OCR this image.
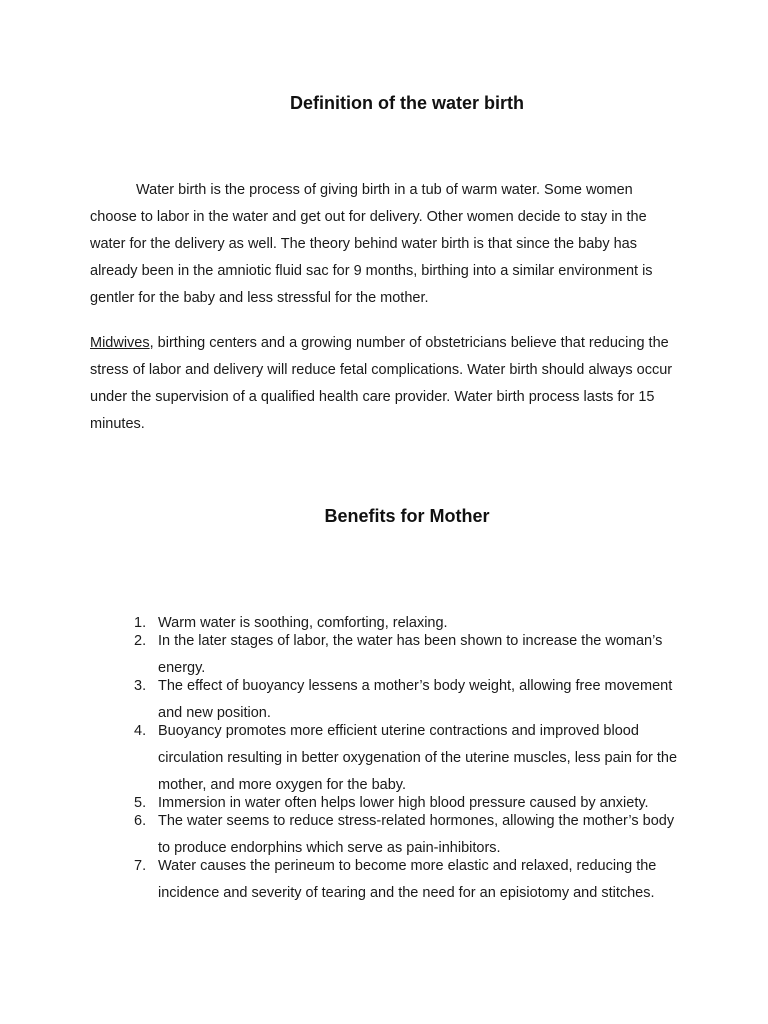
Definition of the water birth

Water birth is the process of giving birth in a tub of warm water. Some women choose to labor in the water and get out for delivery. Other women decide to stay in the water for the delivery as well. The theory behind water birth is that since the baby has already been in the amniotic fluid sac for 9 months, birthing into a similar environment is gentler for the baby and less stressful for the mother.

Midwives, birthing centers and a growing number of obstetricians believe that reducing the stress of labor and delivery will reduce fetal complications. Water birth should always occur under the supervision of a qualified health care provider. Water birth process lasts for 15 minutes.

Benefits for Mother
1. Warm water is soothing, comforting, relaxing.
2. In the later stages of labor, the water has been shown to increase the woman’s energy.
3. The effect of buoyancy lessens a mother’s body weight, allowing free movement and new position.
4. Buoyancy promotes more efficient uterine contractions and improved blood circulation resulting in better oxygenation of the uterine muscles, less pain for the mother, and more oxygen for the baby.
5. Immersion in water often helps lower high blood pressure caused by anxiety.
6. The water seems to reduce stress-related hormones, allowing the mother’s body to produce endorphins which serve as pain-inhibitors.
7. Water causes the perineum to become more elastic and relaxed, reducing the incidence and severity of tearing and the need for an episiotomy and stitches.
